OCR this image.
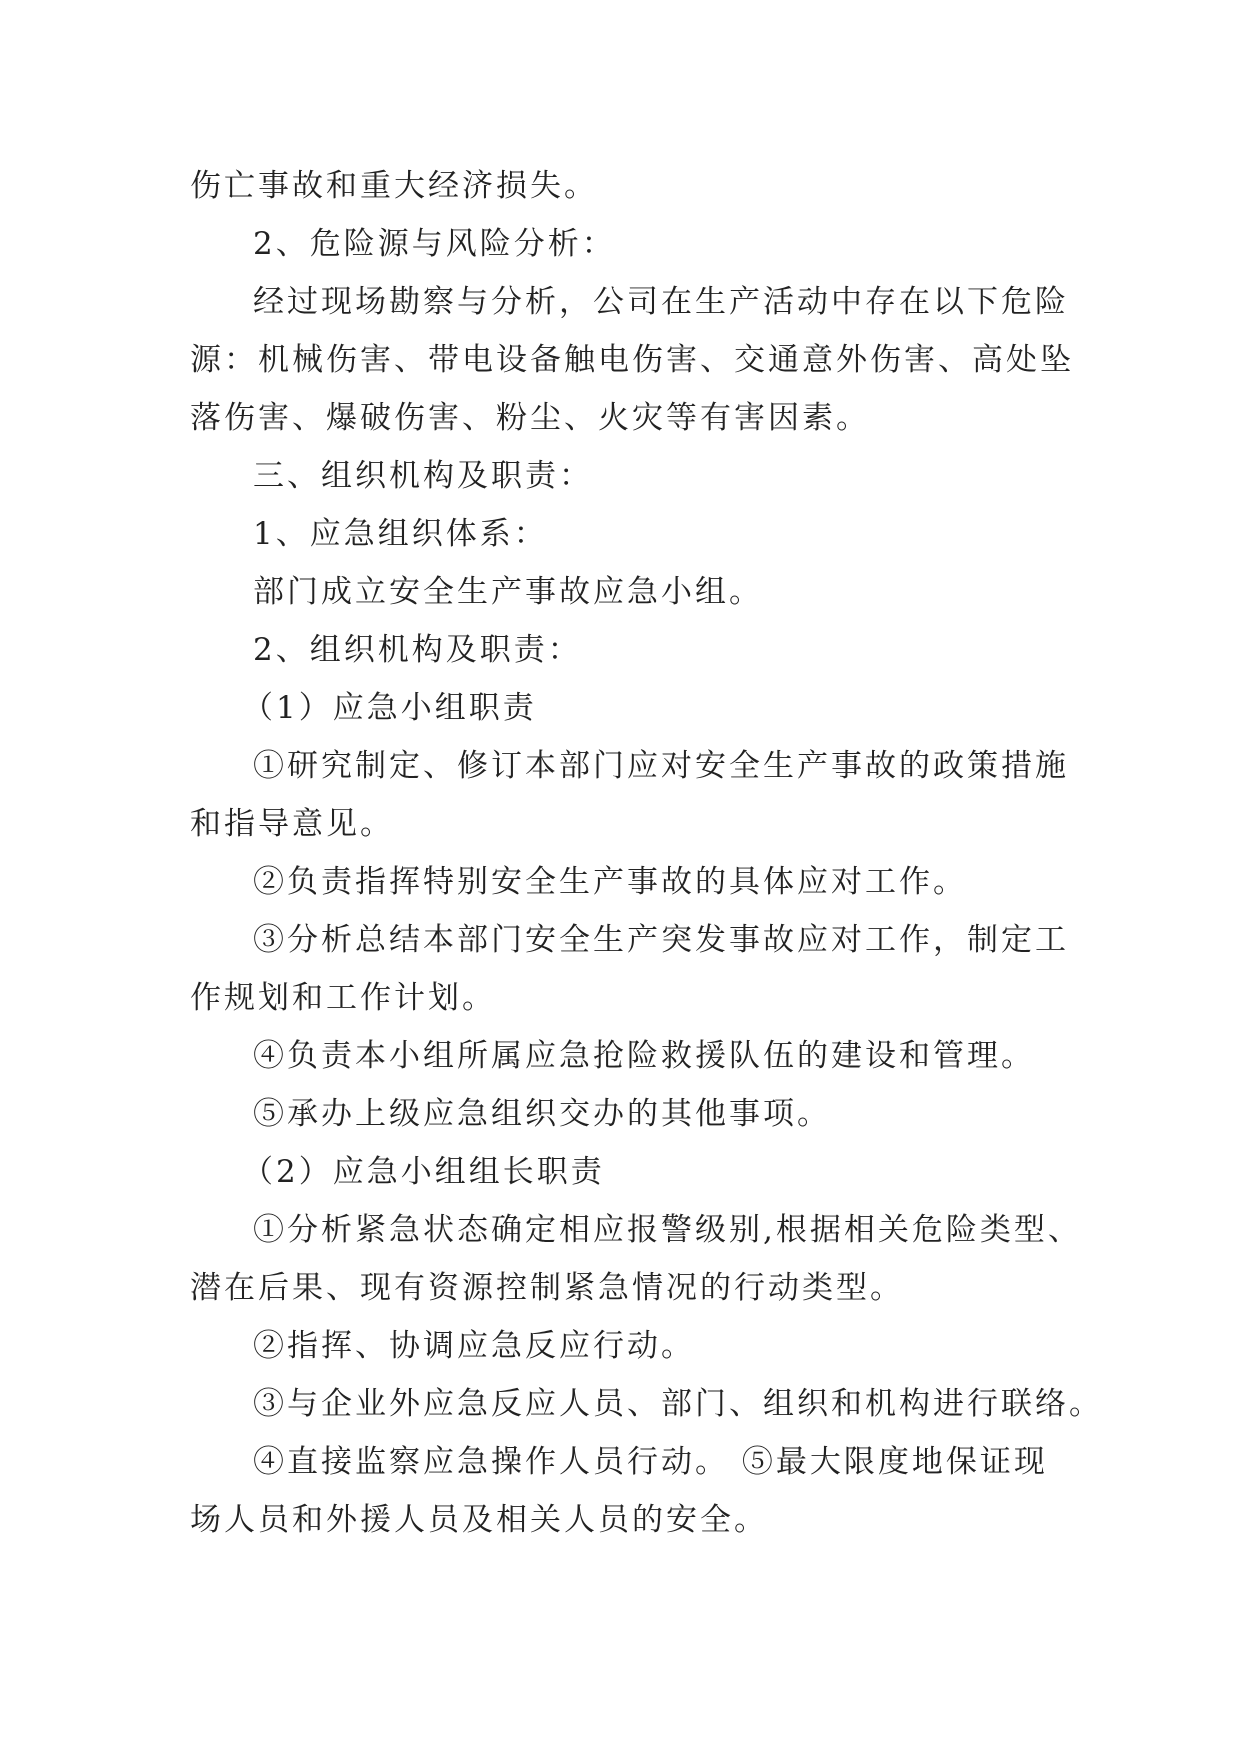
伤亡事故和重大经济损失。
2、危险源与风险分析：
经过现场勘察与分析，公司在生产活动中存在以下危险
源：机械伤害、带电设备触电伤害、交通意外伤害、高处坠
落伤害、爆破伤害、粉尘、火灾等有害因素。
三、组织机构及职责：
1、应急组织体系：
部门成立安全生产事故应急小组。
2、组织机构及职责：
（1）应急小组职责
①研究制定、修订本部门应对安全生产事故的政策措施
和指导意见。
②负责指挥特别安全生产事故的具体应对工作。
③分析总结本部门安全生产突发事故应对工作，制定工
作规划和工作计划。
④负责本小组所属应急抢险救援队伍的建设和管理。
⑤承办上级应急组织交办的其他事项。
（2）应急小组组长职责
①分析紧急状态确定相应报警级别,根据相关危险类型、
潜在后果、现有资源控制紧急情况的行动类型。
②指挥、协调应急反应行动。
③与企业外应急反应人员、部门、组织和机构进行联络。
④直接监察应急操作人员行动。 ⑤最大限度地保证现
场人员和外援人员及相关人员的安全。
